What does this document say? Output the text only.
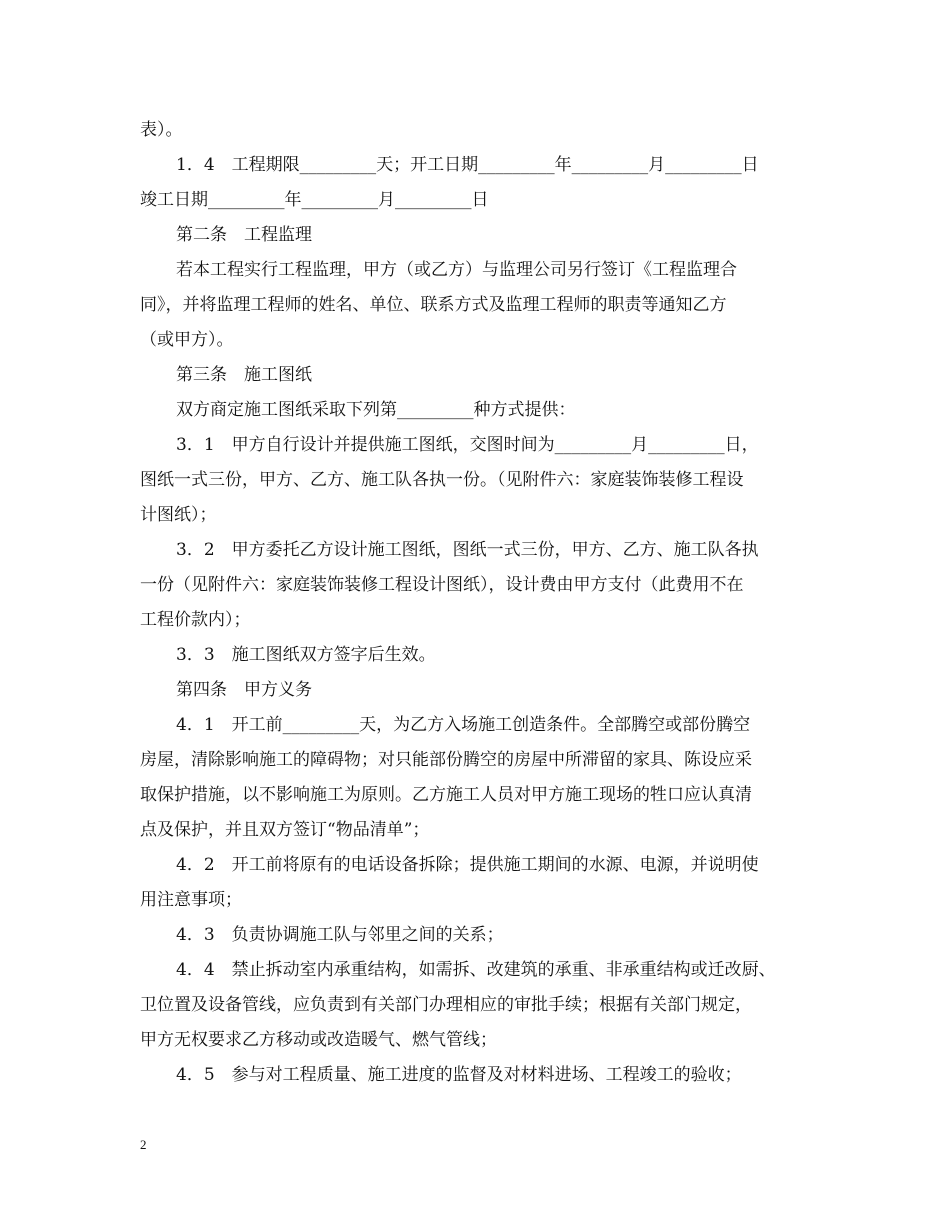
表）。
1．4　工程期限_________天；开工日期_________年_________月_________日
竣工日期_________年_________月_________日
第二条　工程监理
若本工程实行工程监理，甲方（或乙方）与监理公司另行签订《工程监理合
同》，并将监理工程师的姓名、单位、联系方式及监理工程师的职责等通知乙方
（或甲方）。
第三条　施工图纸
双方商定施工图纸采取下列第_________种方式提供：
3．1　甲方自行设计并提供施工图纸，交图时间为_________月_________日，
图纸一式三份，甲方、乙方、施工队各执一份。（见附件六：家庭装饰装修工程设
计图纸）；
3．2　甲方委托乙方设计施工图纸，图纸一式三份，甲方、乙方、施工队各执
一份（见附件六：家庭装饰装修工程设计图纸），设计费由甲方支付（此费用不在
工程价款内）；
3．3　施工图纸双方签字后生效。
第四条　甲方义务
4．1　开工前_________天，为乙方入场施工创造条件。全部腾空或部份腾空
房屋，清除影响施工的障碍物；对只能部份腾空的房屋中所滞留的家具、陈设应采
取保护措施，以不影响施工为原则。乙方施工人员对甲方施工现场的牲口应认真清
点及保护，并且双方签订“物品清单”；
4．2　开工前将原有的电话设备拆除；提供施工期间的水源、电源，并说明使
用注意事项；
4．3　负责协调施工队与邻里之间的关系；
4．4　禁止拆动室内承重结构，如需拆、改建筑的承重、非承重结构或迁改厨、
卫位置及设备管线，应负责到有关部门办理相应的审批手续；根据有关部门规定，
甲方无权要求乙方移动或改造暖气、燃气管线；
4．5　参与对工程质量、施工进度的监督及对材料进场、工程竣工的验收；
2
